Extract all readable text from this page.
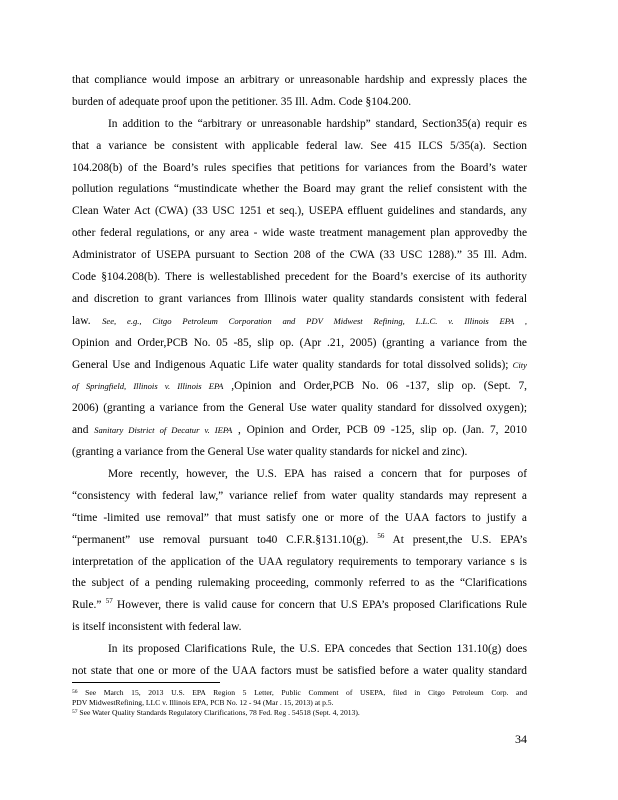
that compliance would impose an arbitrary or unreasonable hardship and expressly places the
burden of adequate proof upon the petitioner. 35 Ill. Adm. Code §104.200.
In addition to the “arbitrary or unreasonable hardship” standard, Section35(a) requir es
that a variance be consistent with applicable federal law. See 415 ILCS 5/35(a). Section
104.208(b) of the Board’s rules specifies that petitions for variances from the Board’s water
pollution regulations “mustindicate whether the Board may grant the relief consistent with the
Clean Water Act (CWA) (33 USC 1251 et seq.), USEPA effluent guidelines and standards, any
other federal regulations, or any area - wide waste treatment management plan approvedby the
Administrator of USEPA pursuant to Section 208 of the CWA (33 USC 1288).” 35 Ill. Adm.
Code §104.208(b). There is wellestablished precedent for the Board’s exercise of its authority
and discretion to grant variances from Illinois water quality standards consistent with federal
law. See, e.g., Citgo Petroleum Corporation and PDV Midwest Refining, L.L.C. v. Illinois EPA ,
Opinion and Order,PCB No. 05 -85, slip op. (Apr .21, 2005) (granting a variance from the
General Use and Indigenous Aquatic Life water quality standards for total dissolved solids); City
of Springfield, Illinois v. Illinois EPA ,Opinion and Order,PCB No. 06 -137, slip op. (Sept. 7,
2006) (granting a variance from the General Use water quality standard for dissolved oxygen);
and Sanitary District of Decatur v. IEPA , Opinion and Order, PCB 09 -125, slip op. (Jan. 7, 2010
(granting a variance from the General Use water quality standards for nickel and zinc).
More recently, however, the U.S. EPA has raised a concern that for purposes of
“consistency with federal law,” variance relief from water quality standards may represent a
“time -limited use removal” that must satisfy one or more of the UAA factors to justify a
“permanent” use removal pursuant to40 C.F.R.§131.10(g). $^{56}$ At present,the U.S. EPA’s
interpretation of the application of the UAA regulatory requirements to temporary variance s is
the subject of a pending rulemaking proceeding, commonly referred to as the “Clarifications
Rule.” $^{57}$ However, there is valid cause for concern that U.S EPA’s proposed Clarifications Rule
is itself inconsistent with federal law.
In its proposed Clarifications Rule, the U.S. EPA concedes that Section 131.10(g) does
not state that one or more of the UAA factors must be satisfied before a water quality standard
$^{56}$ See March 15, 2013 U.S. EPA Region 5 Letter, Public Comment of USEPA, filed in Citgo Petroleum Corp. and
PDV MidwestRefining, LLC v. Illinois EPA, PCB No. 12 - 94 (Mar . 15, 2013) at p.5.
$^{57}$ See Water Quality Standards Regulatory Clarifications, 78 Fed. Reg . 54518 (Sept. 4, 2013).
34
